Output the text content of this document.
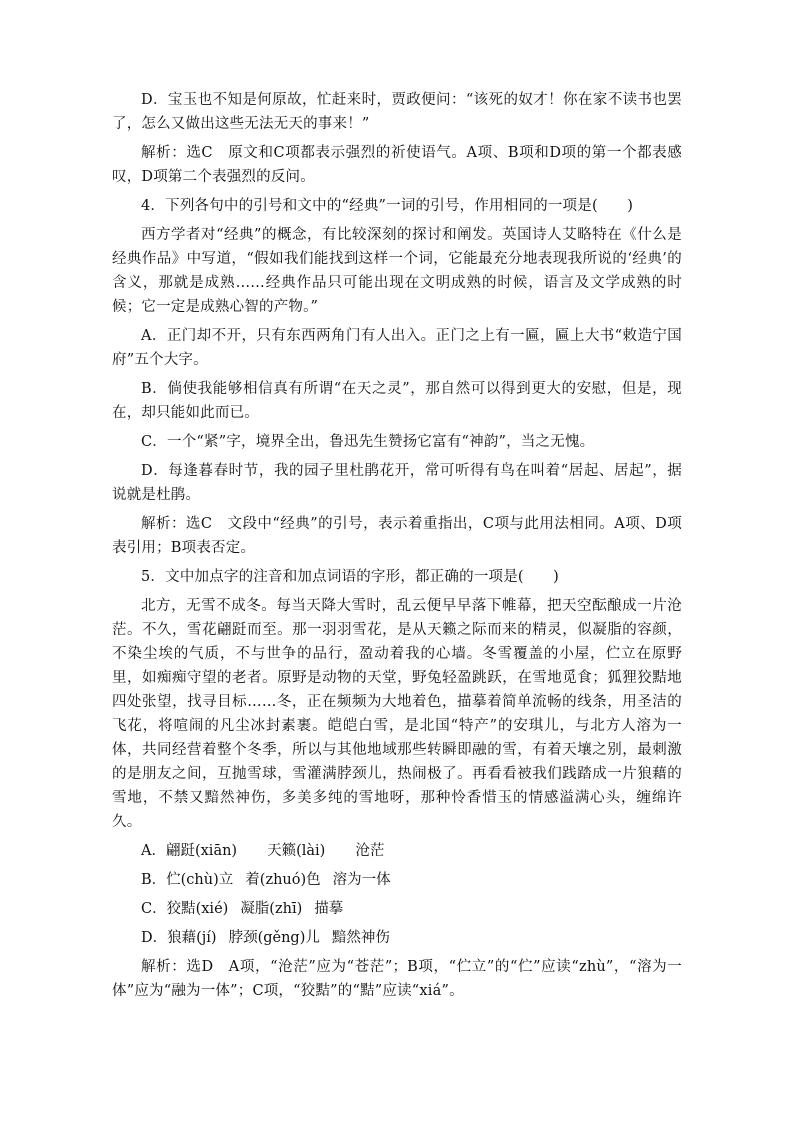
D．宝玉也不知是何原故，忙赶来时，贾政便问：“该死的奴才！你在家不读书也罢了，怎么又做出这些无法无天的事来！”

解析：选C　原文和C项都表示强烈的祈使语气。A项、B项和D项的第一个都表感叹，D项第二个表强烈的反问。

4．下列各句中的引号和文中的“经典”一词的引号，作用相同的一项是(　　)

西方学者对“经典”的概念，有比较深刻的探讨和阐发。英国诗人艾略特在《什么是经典作品》中写道，“假如我们能找到这样一个词，它能最充分地表现我所说的‘经典’的含义，那就是成熟……经典作品只可能出现在文明成熟的时候，语言及文学成熟的时候；它一定是成熟心智的产物。”

A．正门却不开，只有东西两角门有人出入。正门之上有一匾，匾上大书“敕造宁国府”五个大字。

B．倘使我能够相信真有所谓“在天之灵”，那自然可以得到更大的安慰，但是，现在，却只能如此而已。

C．一个“紧”字，境界全出，鲁迅先生赞扬它富有“神韵”，当之无愧。

D．每逢暮春时节，我的园子里杜鹃花开，常可听得有鸟在叫着“居起、居起”，据说就是杜鹃。

解析：选C　文段中“经典”的引号，表示着重指出，C项与此用法相同。A项、D项表引用；B项表否定。

5．文中加点字的注音和加点词语的字形，都正确的一项是(　　)

北方，无雪不成冬。每当天降大雪时，乱云便早早落下帷幕，把天空酝酿成一片沧茫。不久，雪花翩跹而至。那一羽羽雪花，是从天籁之际而来的精灵，似凝脂的容颜，不染尘埃的气质，不与世争的品行，盈动着我的心墙。冬雪覆盖的小屋，伫立在原野里，如痴痴守望的老者。原野是动物的天堂，野兔轻盈跳跃，在雪地觅食；狐狸狡黠地四处张望，找寻目标……冬，正在频频为大地着色，描摹着简单流畅的线条，用圣洁的飞花，将喧闹的凡尘冰封素裹。皑皑白雪，是北国“特产”的安琪儿，与北方人溶为一体，共同经营着整个冬季，所以与其他地域那些转瞬即融的雪，有着天壤之别，最刺激的是朋友之间，互抛雪球，雪灌满脖颈儿，热闹极了。再看看被我们践踏成一片狼藉的雪地，不禁又黯然神伤，多美多纯的雪地呀，那种怜香惜玉的情感溢满心头，缠绵许久。

A．翩跹(xiān) 天籁(lài) 沧茫
B．伫(chù)立 着(zhuó)色 溶为一体
C．狡黠(xié) 凝脂(zhī) 描摹
D．狼藉(jí) 脖颈(gěng)儿 黯然神伤

解析：选D　A项，“沧茫”应为“苍茫”；B项，“伫立”的“伫”应读“zhù”，“溶为一体”应为“融为一体”；C项，“狡黠”的“黠”应读“xiá”。
